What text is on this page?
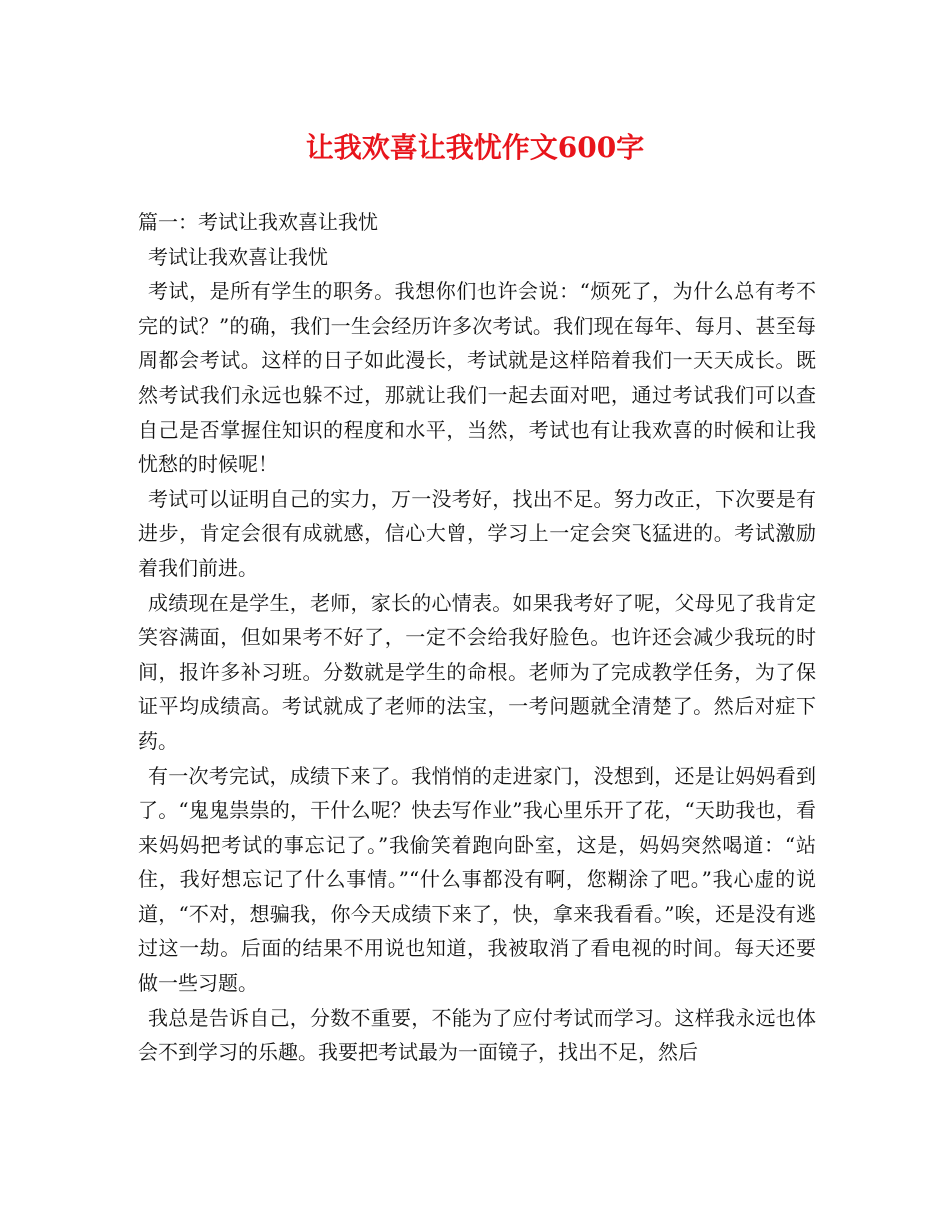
让我欢喜让我忧作文600字

篇一：考试让我欢喜让我忧

考试让我欢喜让我忧

考试，是所有学生的职务。我想你们也许会说：“烦死了，为什么总有考不完的试？”的确，我们一生会经历许多次考试。我们现在每年、每月、甚至每周都会考试。这样的日子如此漫长，考试就是这样陪着我们一天天成长。既然考试我们永远也躲不过，那就让我们一起去面对吧，通过考试我们可以查自己是否掌握住知识的程度和水平，当然，考试也有让我欢喜的时候和让我忧愁的时候呢！

考试可以证明自己的实力，万一没考好，找出不足。努力改正，下次要是有进步，肯定会很有成就感，信心大曾，学习上一定会突飞猛进的。考试激励着我们前进。

成绩现在是学生，老师，家长的心情表。如果我考好了呢，父母见了我肯定笑容满面，但如果考不好了，一定不会给我好脸色。也许还会减少我玩的时间，报许多补习班。分数就是学生的命根。老师为了完成教学任务，为了保证平均成绩高。考试就成了老师的法宝，一考问题就全清楚了。然后对症下药。

有一次考完试，成绩下来了。我悄悄的走进家门，没想到，还是让妈妈看到了。“鬼鬼祟祟的，干什么呢？快去写作业”我心里乐开了花，“天助我也，看来妈妈把考试的事忘记了。”我偷笑着跑向卧室，这是，妈妈突然喝道：“站住，我好想忘记了什么事情。”“什么事都没有啊，您糊涂了吧。”我心虚的说道，“不对，想骗我，你今天成绩下来了，快，拿来我看看。”唉，还是没有逃过这一劫。后面的结果不用说也知道，我被取消了看电视的时间。每天还要做一些习题。

我总是告诉自己，分数不重要，不能为了应付考试而学习。这样我永远也体会不到学习的乐趣。我要把考试最为一面镜子，找出不足，然后
